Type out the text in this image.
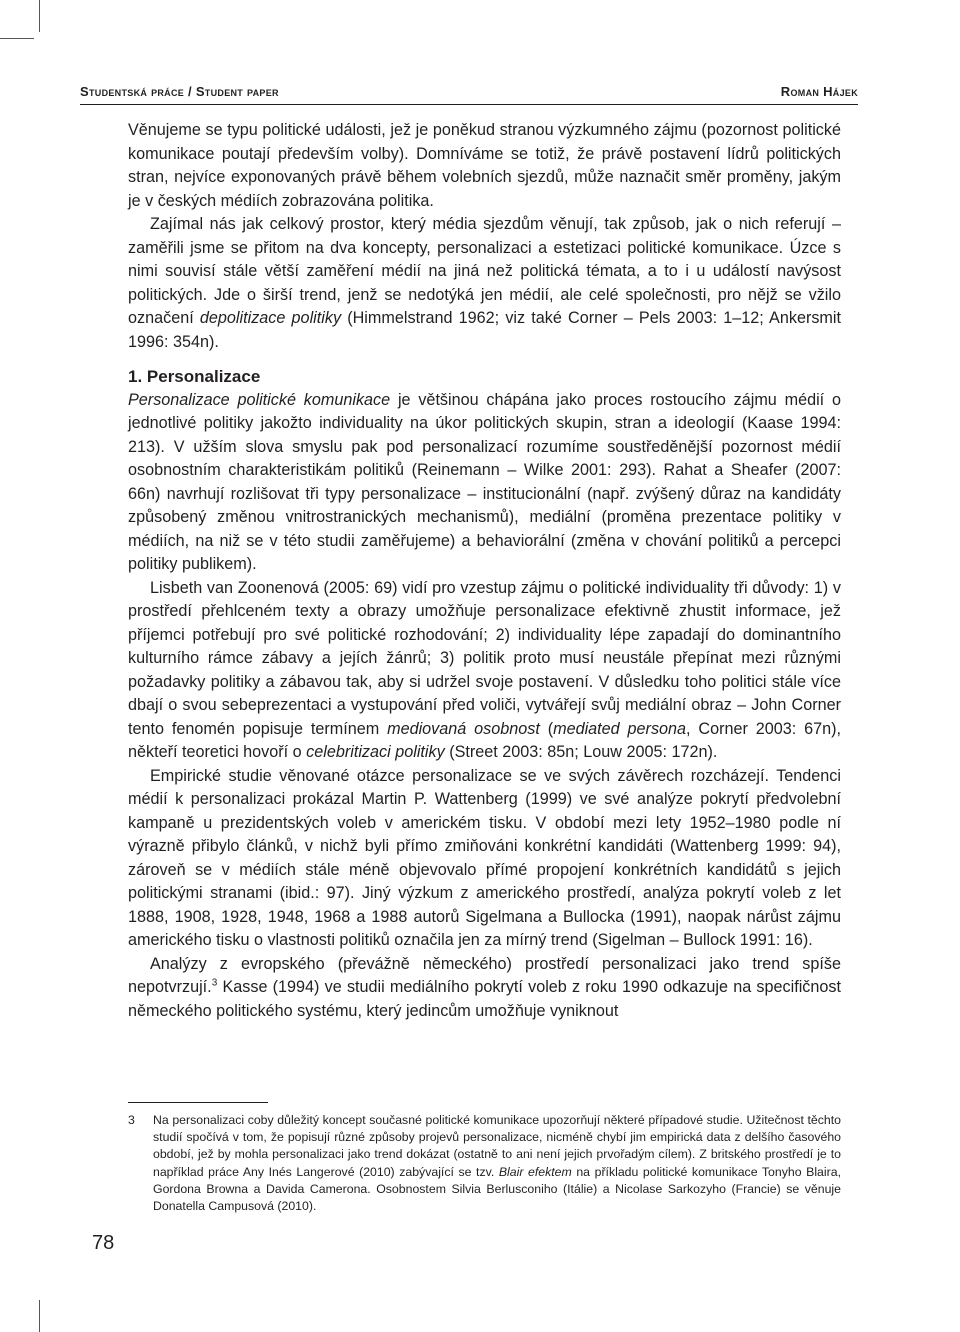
Studentská práce / Student paper	Roman Hájek

Věnujeme se typu politické události, jež je poněkud stranou výzkumného zájmu (pozornost politické komunikace poutají především volby). Domníváme se totiž, že právě postavení lídrů politických stran, nejvíce exponovaných právě během volebních sjezdů, může naznačit směr proměny, jakým je v českých médiích zobrazována politika.

Zajímal nás jak celkový prostor, který média sjezdům věnují, tak způsob, jak o nich referují – zaměřili jsme se přitom na dva koncepty, personalizaci a estetizaci politické komunikace. Úzce s nimi souvisí stále větší zaměření médií na jiná než politická témata, a to i u událostí navýsost politických. Jde o širší trend, jenž se nedotýká jen médií, ale celé společnosti, pro nějž se vžilo označení depolitizace politiky (Himmelstrand 1962; viz také Corner – Pels 2003: 1–12; Ankersmit 1996: 354n).

1. Personalizace

Personalizace politické komunikace je většinou chápána jako proces rostoucího zájmu médií o jednotlivé politiky jakožto individuality na úkor politických skupin, stran a ideologií (Kaase 1994: 213). V užším slova smyslu pak pod personalizací rozumíme soustředěnější pozornost médií osobnostním charakteristikám politiků (Reinemann – Wilke 2001: 293). Rahat a Sheafer (2007: 66n) navrhují rozlišovat tři typy personalizace – institucionální (např. zvýšený důraz na kandidáty způsobený změnou vnitrostranických mechanismů), mediální (proměna prezentace politiky v médiích, na niž se v této studii zaměřujeme) a behaviorální (změna v chování politiků a percepci politiky publikem).

Lisbeth van Zoonenová (2005: 69) vidí pro vzestup zájmu o politické individuality tři důvody: 1) v prostředí přehlceném texty a obrazy umožňuje personalizace efektivně zhustit informace, jež příjemci potřebují pro své politické rozhodování; 2) individuality lépe zapadají do dominantního kulturního rámce zábavy a jejích žánrů; 3) politik proto musí neustále přepínat mezi různými požadavky politiky a zábavou tak, aby si udržel svoje postavení. V důsledku toho politici stále více dbají o svou sebeprezentaci a vystupování před voliči, vytvářejí svůj mediální obraz – John Corner tento fenomén popisuje termínem mediovaná osobnost (mediated persona, Corner 2003: 67n), někteří teoretici hovoří o celebritizaci politiky (Street 2003: 85n; Louw 2005: 172n).

Empirické studie věnované otázce personalizace se ve svých závěrech rozcházejí. Tendenci médií k personalizaci prokázal Martin P. Wattenberg (1999) ve své analýze pokrytí předvolební kampaně u prezidentských voleb v americkém tisku. V období mezi lety 1952–1980 podle ní výrazně přibylo článků, v nichž byli přímo zmiňováni konkrétní kandidáti (Wattenberg 1999: 94), zároveň se v médiích stále méně objevovalo přímé propojení konkrétních kandidátů s jejich politickými stranami (ibid.: 97). Jiný výzkum z amerického prostředí, analýza pokrytí voleb z let 1888, 1908, 1928, 1948, 1968 a 1988 autorů Sigelmana a Bullocka (1991), naopak nárůst zájmu amerického tisku o vlastnosti politiků označila jen za mírný trend (Sigelman – Bullock 1991: 16).

Analýzy z evropského (převážně německého) prostředí personalizaci jako trend spíše nepotvrzují.$^3$ Kasse (1994) ve studii mediálního pokrytí voleb z roku 1990 odkazuje na specifičnost německého politického systému, který jedincům umožňuje vyniknout

3	Na personalizaci coby důležitý koncept současné politické komunikace upozorňují některé případové studie. Užitečnost těchto studií spočívá v tom, že popisují různé způsoby projevů personalizace, nicméně chybí jim empirická data z delšího časového období, jež by mohla personalizaci jako trend dokázat (ostatně to ani není jejich prvořadým cílem). Z britského prostředí je to například práce Any Inés Langerové (2010) zabývající se tzv. Blair efektem na příkladu politické komunikace Tonyho Blaira, Gordona Browna a Davida Camerona. Osobnostem Silvia Berlusconiho (Itálie) a Nicolase Sarkozyho (Francie) se věnuje Donatella Campusová (2010).
78
